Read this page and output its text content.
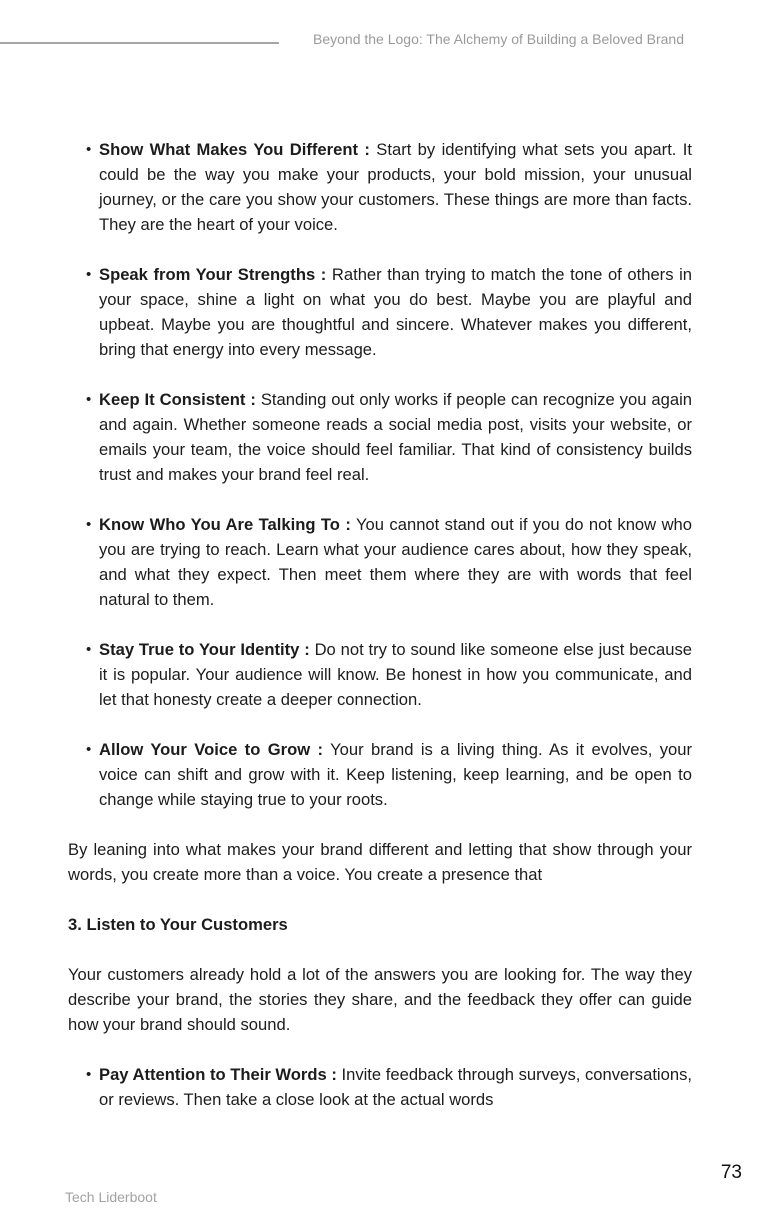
Beyond the Logo: The Alchemy of Building a Beloved Brand
• Show What Makes You Different : Start by identifying what sets you apart. It could be the way you make your products, your bold mission, your unusual journey, or the care you show your customers. These things are more than facts. They are the heart of your voice.
• Speak from Your Strengths : Rather than trying to match the tone of others in your space, shine a light on what you do best. Maybe you are playful and upbeat. Maybe you are thoughtful and sincere. Whatever makes you different, bring that energy into every message.
• Keep It Consistent : Standing out only works if people can recognize you again and again. Whether someone reads a social media post, visits your website, or emails your team, the voice should feel familiar. That kind of consistency builds trust and makes your brand feel real.
• Know Who You Are Talking To : You cannot stand out if you do not know who you are trying to reach. Learn what your audience cares about, how they speak, and what they expect. Then meet them where they are with words that feel natural to them.
• Stay True to Your Identity : Do not try to sound like someone else just because it is popular. Your audience will know. Be honest in how you communicate, and let that honesty create a deeper connection.
• Allow Your Voice to Grow : Your brand is a living thing. As it evolves, your voice can shift and grow with it. Keep listening, keep learning, and be open to change while staying true to your roots.

By leaning into what makes your brand different and letting that show through your words, you create more than a voice. You create a presence that

3. Listen to Your Customers

Your customers already hold a lot of the answers you are looking for. The way they describe your brand, the stories they share, and the feedback they offer can guide how your brand should sound.

• Pay Attention to Their Words : Invite feedback through surveys, conversations, or reviews. Then take a close look at the actual words
Tech Liderboot
73
